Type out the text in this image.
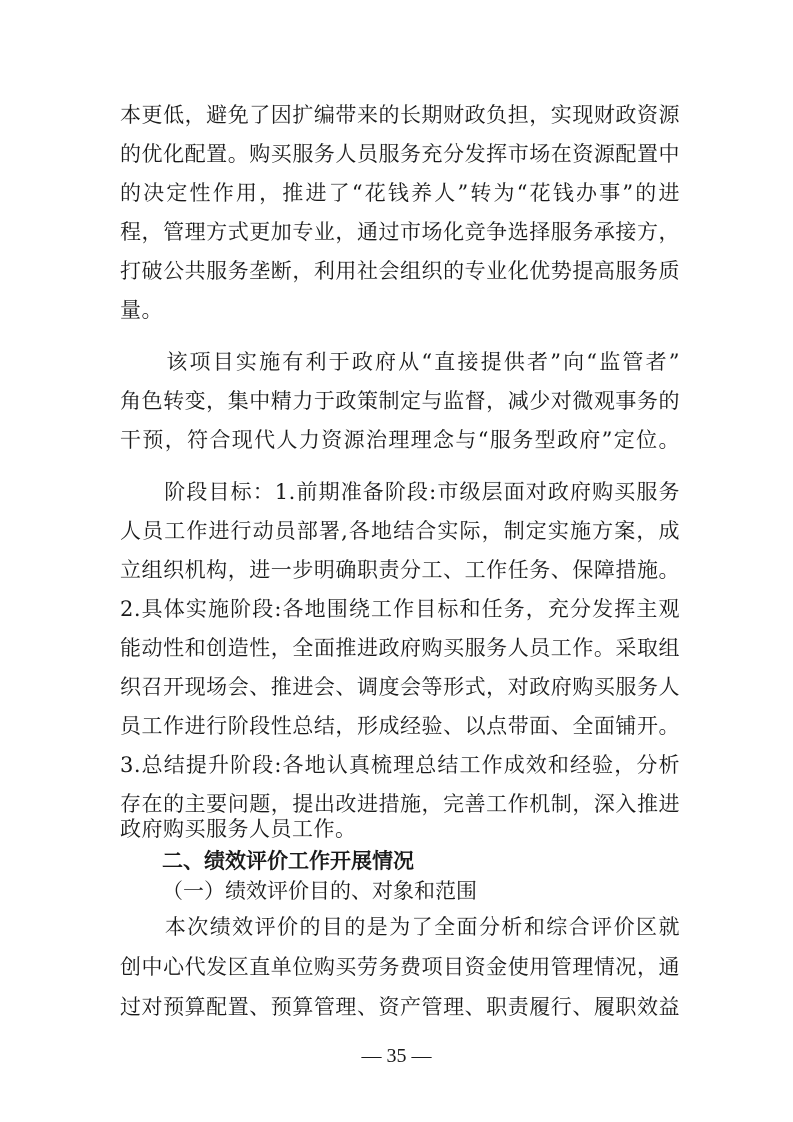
本更低，避免了因扩编带来的长期财政负担，实现财政资源
的优化配置。购买服务人员服务充分发挥市场在资源配置中
的决定性作用，推进了“花钱养人”转为“花钱办事”的进
程，管理方式更加专业，通过市场化竞争选择服务承接方，
打破公共服务垄断，利用社会组织的专业化优势提高服务质
量。
　　该项目实施有利于政府从“直接提供者”向“监管者”
角色转变，集中精力于政策制定与监督，减少对微观事务的
干预，符合现代人力资源治理理念与“服务型政府”定位。
　　阶段目标：1.前期准备阶段:市级层面对政府购买服务
人员工作进行动员部署,各地结合实际，制定实施方案，成
立组织机构，进一步明确职责分工、工作任务、保障措施。
2.具体实施阶段:各地围绕工作目标和任务，充分发挥主观
能动性和创造性，全面推进政府购买服务人员工作。采取组
织召开现场会、推进会、调度会等形式，对政府购买服务人
员工作进行阶段性总结，形成经验、以点带面、全面铺开。
3.总结提升阶段:各地认真梳理总结工作成效和经验，分析
存在的主要问题，提出改进措施，完善工作机制，深入推进
政府购买服务人员工作。
二、绩效评价工作开展情况
（一）绩效评价目的、对象和范围
　　本次绩效评价的目的是为了全面分析和综合评价区就
创中心代发区直单位购买劳务费项目资金使用管理情况，通
过对预算配置、预算管理、资产管理、职责履行、履职效益
— 35 —
